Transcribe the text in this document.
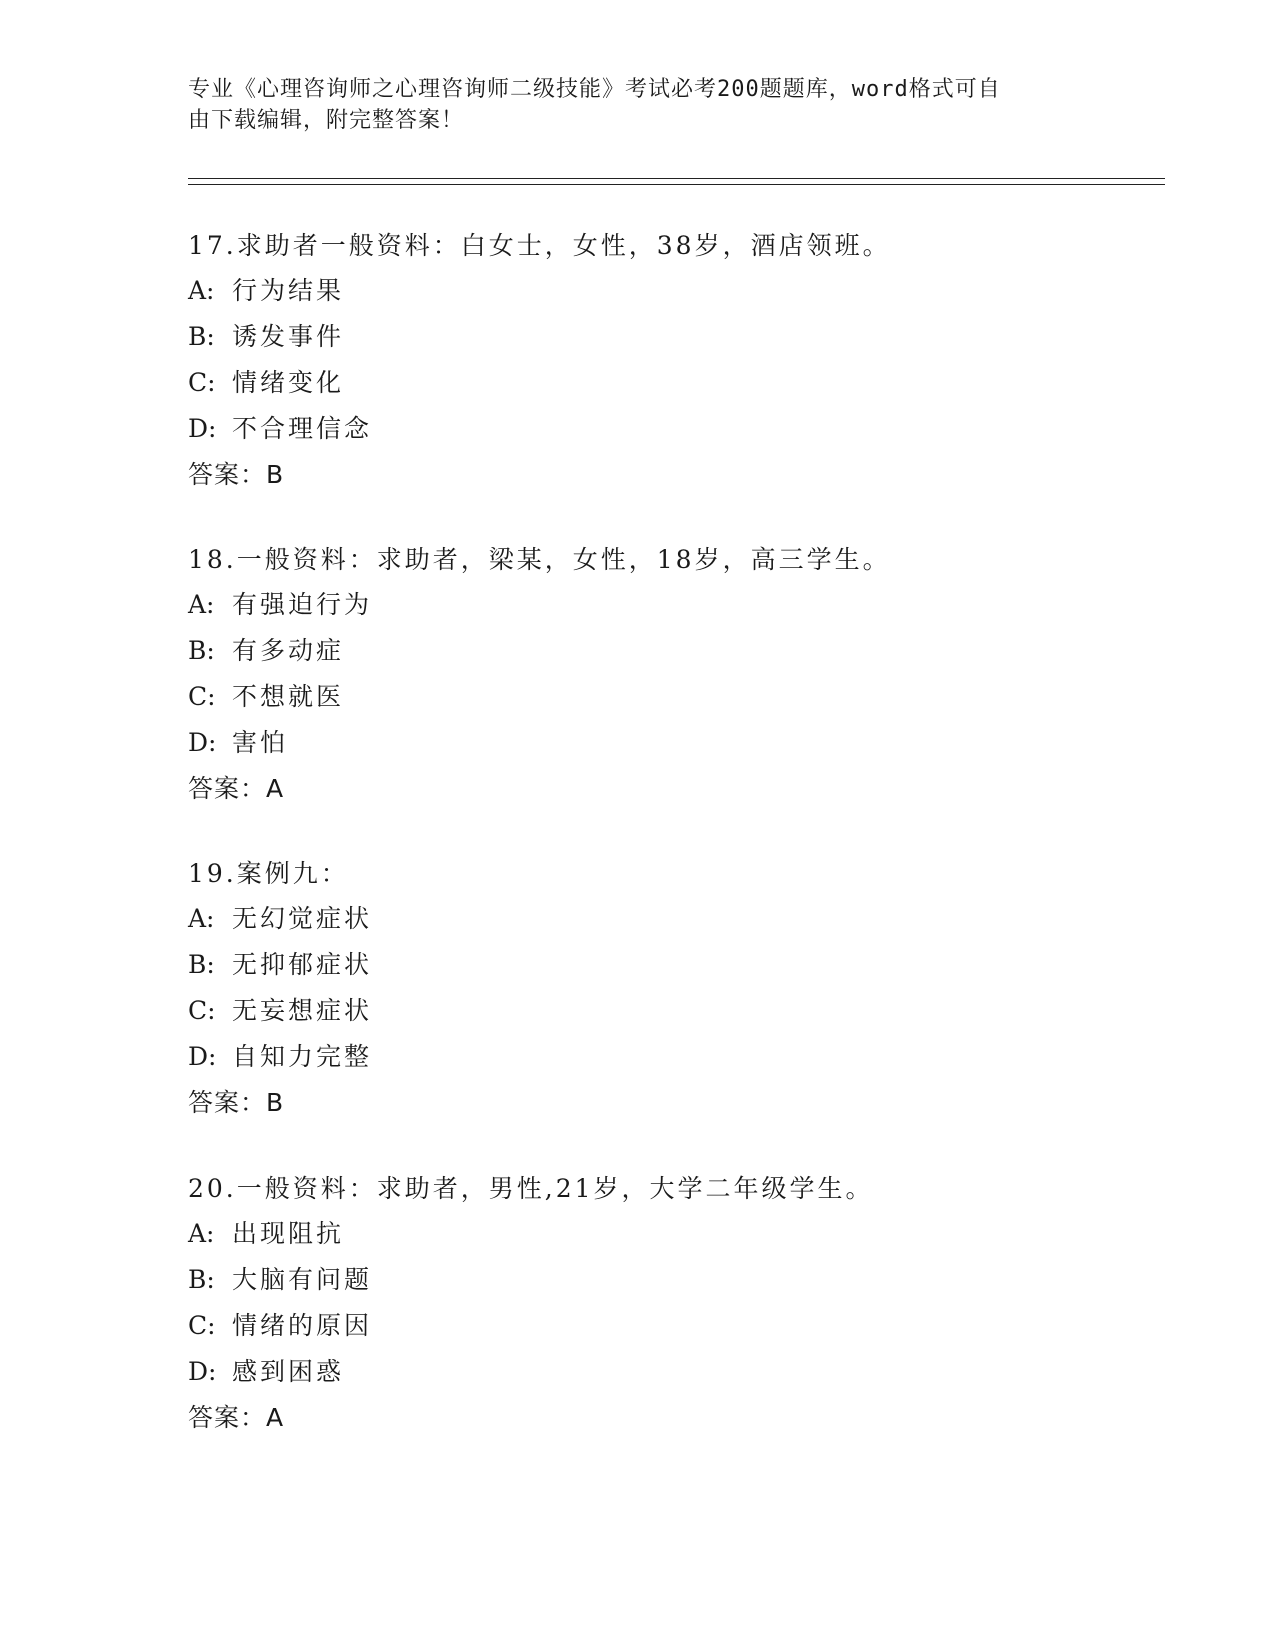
专业《心理咨询师之心理咨询师二级技能》考试必考200题题库，word格式可自
由下载编辑，附完整答案！
17.求助者一般资料：白女士，女性，38岁，酒店领班。
A: 行为结果
B: 诱发事件
C: 情绪变化
D: 不合理信念
答案：B
18.一般资料：求助者，梁某，女性，18岁，高三学生。
A: 有强迫行为
B: 有多动症
C: 不想就医
D: 害怕
答案：A
19.案例九：
A: 无幻觉症状
B: 无抑郁症状
C: 无妄想症状
D: 自知力完整
答案：B
20.一般资料：求助者，男性,21岁，大学二年级学生。
A: 出现阻抗
B: 大脑有问题
C: 情绪的原因
D: 感到困惑
答案：A
